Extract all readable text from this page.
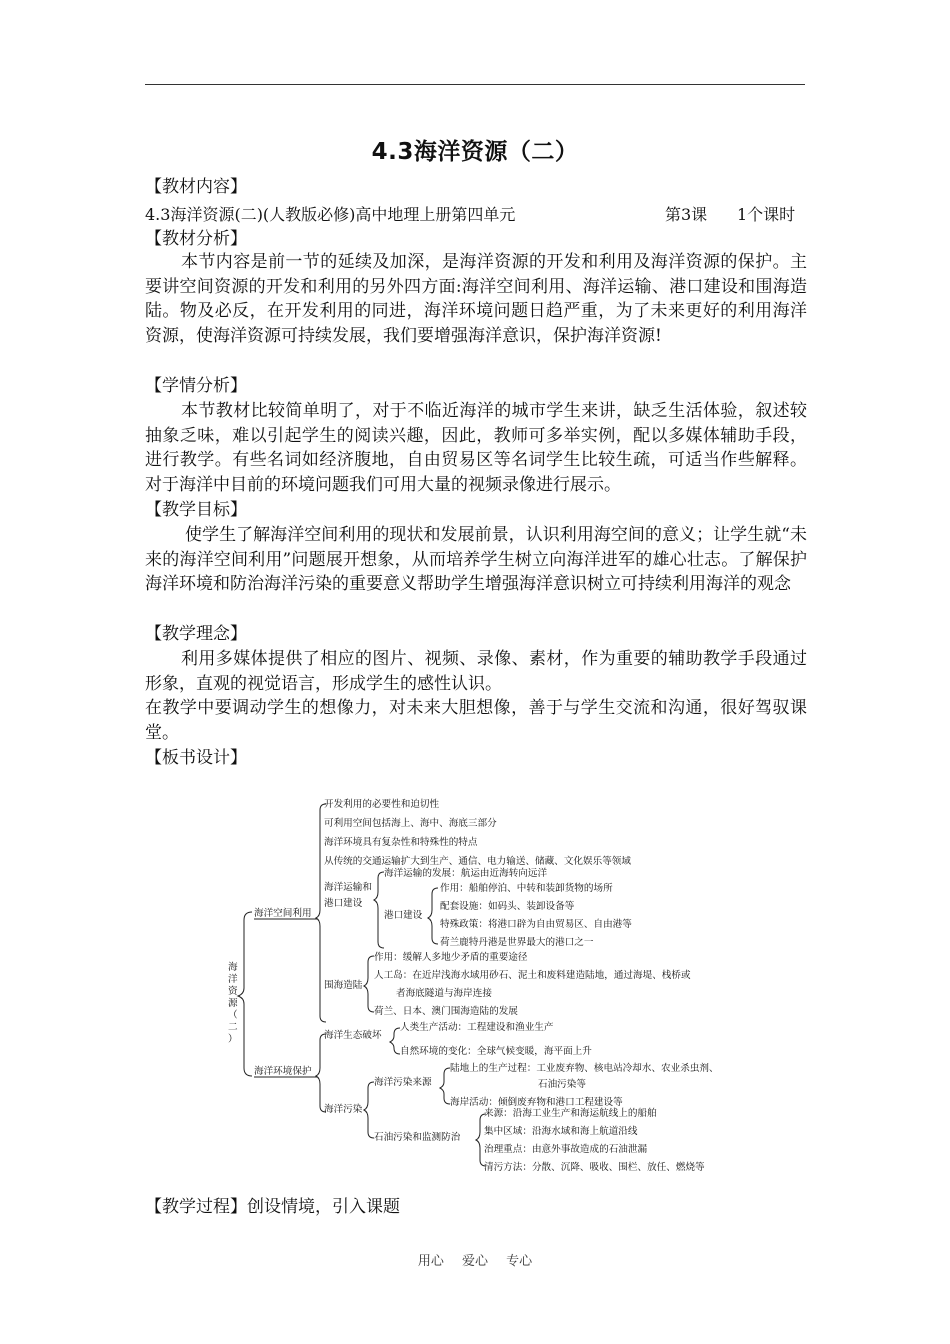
4.3海洋资源（二）
【教材内容】
4.3海洋资源(二)(人教版必修)高中地理上册第四单元	第3课 1个课时
【教材分析】
本节内容是前一节的延续及加深，是海洋资源的开发和利用及海洋资源的保护。主要讲空间资源的开发和利用的另外四方面:海洋空间利用、海洋运输、港口建设和围海造陆。物及必反，在开发利用的同进，海洋环境问题日趋严重，为了未来更好的利用海洋资源，使海洋资源可持续发展，我们要增强海洋意识，保护海洋资源!
【学情分析】
本节教材比较简单明了，对于不临近海洋的城市学生来讲，缺乏生活体验，叙述较抽象乏味，难以引起学生的阅读兴趣，因此，教师可多举实例，配以多媒体辅助手段，进行教学。有些名词如经济腹地，自由贸易区等名词学生比较生疏，可适当作些解释。对于海洋中目前的环境问题我们可用大量的视频录像进行展示。
【教学目标】
使学生了解海洋空间利用的现状和发展前景，认识利用海空间的意义；让学生就“未来的海洋空间利用”问题展开想象，从而培养学生树立向海洋进军的雄心壮志。了解保护海洋环境和防治海洋污染的重要意义帮助学生增强海洋意识树立可持续利用海洋的观念
【教学理念】
利用多媒体提供了相应的图片、视频、录像、素材，作为重要的辅助教学手段通过形象，直观的视觉语言，形成学生的感性认识。
在教学中要调动学生的想像力，对未来大胆想像，善于与学生交流和沟通，很好驾驭课堂。
【板书设计】
海
洋
资
源
（
二
）
海洋空间利用
海洋环境保护
开发利用的必要性和迫切性
可利用空间包括海上、海中、海底三部分
海洋环境具有复杂性和特殊性的特点
从传统的交通运输扩大到生产、通信、电力输送、储藏、文化娱乐等领域
海洋运输和
港口建设
海洋运输的发展：航运由近海转向远洋
港口建设
作用：船舶停泊、中转和装卸货物的场所
配套设施：如码头、装卸设备等
特殊政策：将港口辟为自由贸易区、自由港等
荷兰鹿特丹港是世界最大的港口之一
围海造陆
作用：缓解人多地少矛盾的重要途径
人工岛：在近岸浅海水域用砂石、泥土和废料建造陆地，通过海堤、栈桥或
者海底隧道与海岸连接
荷兰、日本、澳门围海造陆的发展
海洋生态破坏
人类生产活动：工程建设和渔业生产
自然环境的变化：全球气候变暖，海平面上升
海洋污染
海洋污染来源
陆地上的生产过程：工业废弃物、核电站冷却水、农业杀虫剂、
石油污染等
海岸活动：倾倒废弃物和港口工程建设等
石油污染和监测防治
来源：沿海工业生产和海运航线上的船舶
集中区域：沿海水域和海上航道沿线
治理重点：由意外事故造成的石油泄漏
清污方法：分散、沉降、吸收、围栏、放任、燃烧等
【教学过程】创设情境，引入课题
用心 爱心 专心
